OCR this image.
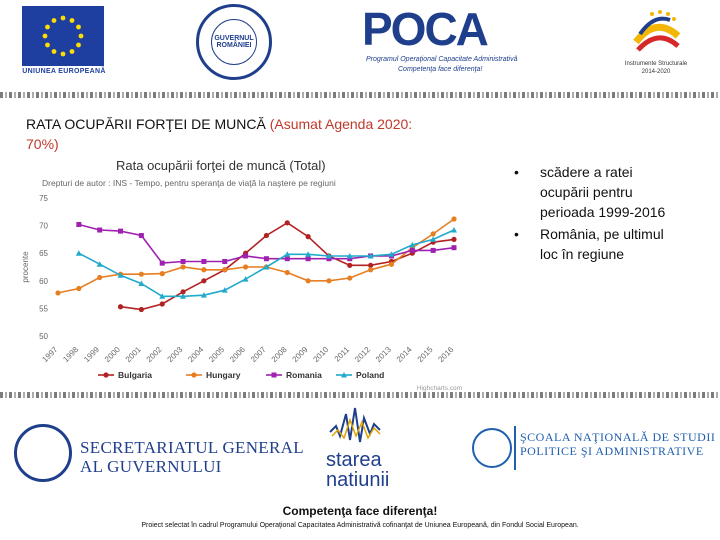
UNIUNEA EUROPEANĂ
GUVERNUL ROMÂNIEI	POCA
Programul Operaţional Capacitate Administrativă
Competenţa face diferenţa!
Instrumente Structurale 2014-2020
RATA OCUPĂRII FORŢEI DE MUNCĂ (Asumat Agenda 2020: 70%)
Rata ocupării forţei de muncă (Total)
Drepturi de autor : INS - Tempo, pentru speranţa de viaţă la naştere pe regiuni
50
55
60
65
70
75
procente
1997 1998 1999 2000 2001 2002 2003 2004 2005 2006 2007 2008 2009 2010 2011 2012 2013 2014 2015 2016
Bulgaria	Hungary	Romania	Poland
Highcharts.com
• scădere a ratei ocupării pentru perioada 1999-2016
• România, pe ultimul loc în regiune
SECRETARIATUL GENERAL
AL GUVERNULUI	starea
natiunii
ŞCOALA NAŢIONALĂ DE STUDII
POLITICE ŞI ADMINISTRATIVE
Competenţa face diferenţa!
Proiect selectat în cadrul Programului Operaţional Capacitatea Administrativă cofinanţat de Uniunea Europeană, din Fondul Social European.
